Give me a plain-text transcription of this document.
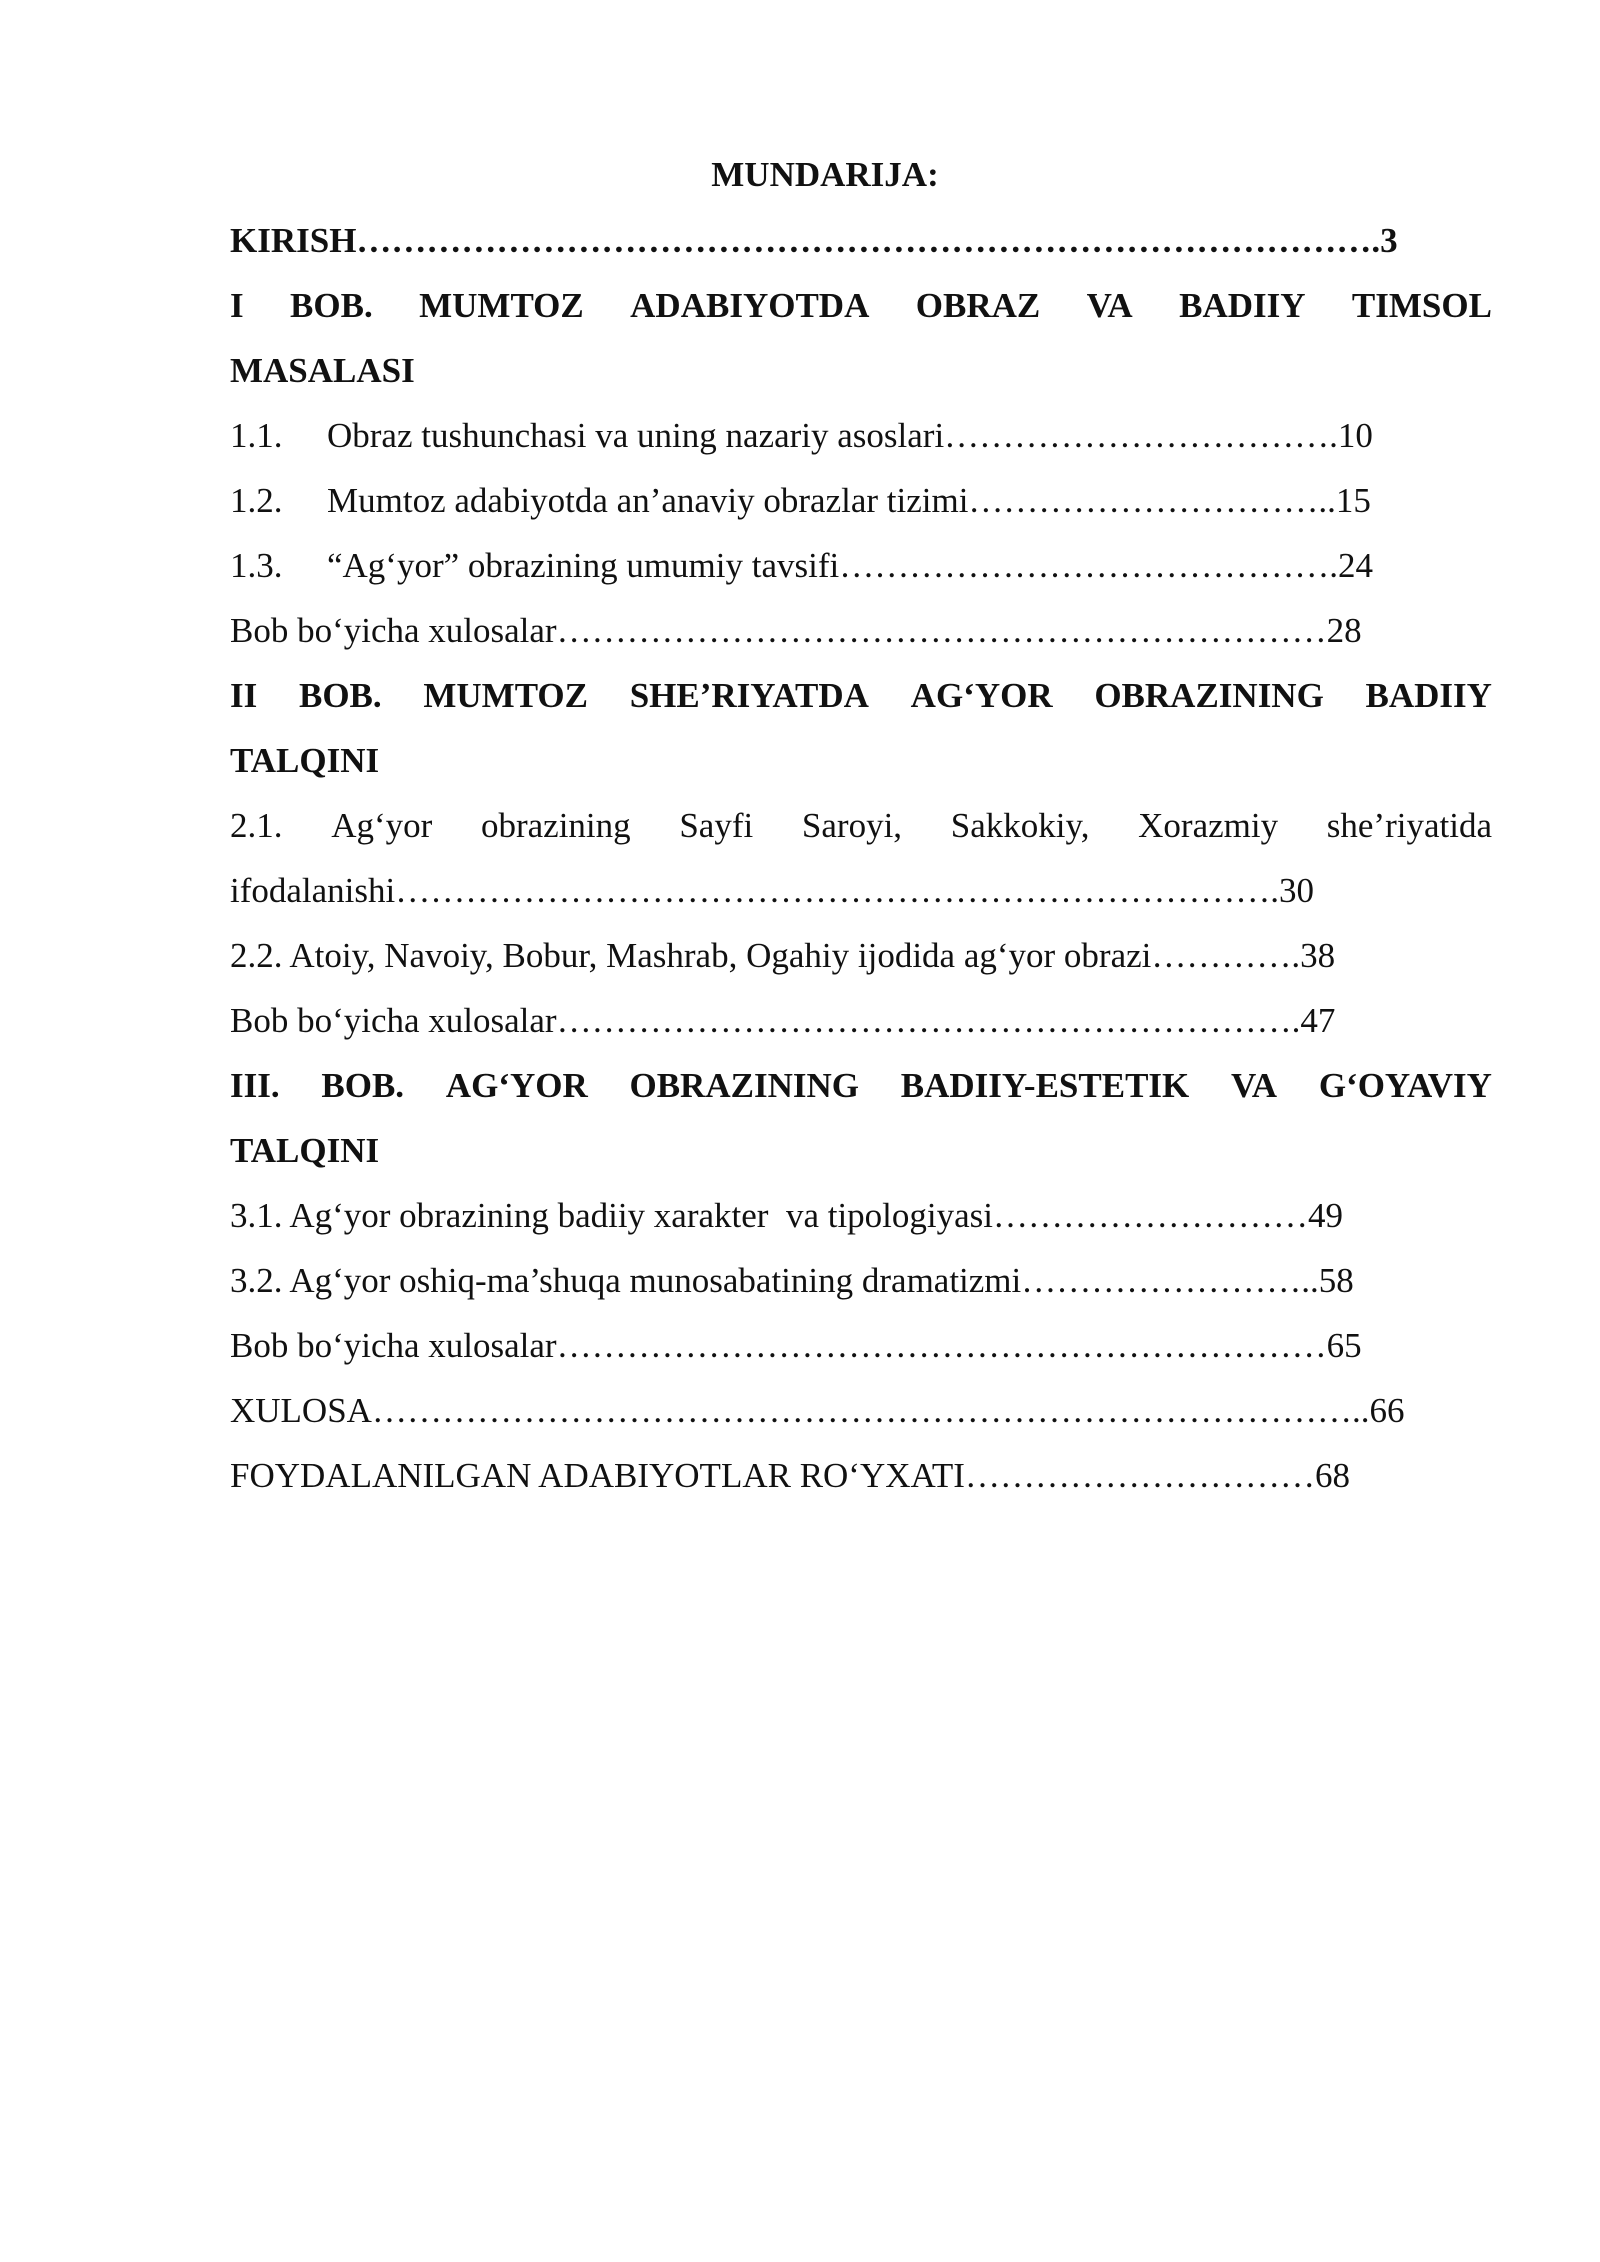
MUNDARIJA:
KIRISH…………………………………………………………………………….3
I BOB. MUMTOZ ADABIYOTDA OBRAZ VA BADIIY TIMSOL
MASALASI
1.1. Obraz tushunchasi va uning nazariy asoslari…………………………….10
1.2. Mumtoz adabiyotda an’anaviy obrazlar tizimi…………………………..15
1.3. “Ag‘yor” obrazining umumiy tavsifi…………………………………….24
Bob bo‘yicha xulosalar…………………………………………………………28
II BOB. MUMTOZ SHE’RIYATDA AG‘YOR OBRAZINING BADIIY
TALQINI
2.1. Ag‘yor obrazining Sayfi Saroyi, Sakkokiy, Xorazmiy she’riyatida
ifodalanishi………………………………………………………………….30
2.2. Atoiy, Navoiy, Bobur, Mashrab, Ogahiy ijodida ag‘yor obrazi………….38
Bob bo‘yicha xulosalar……………………………………………………….47
III. BOB. AG‘YOR OBRAZINING BADIIY-ESTETIK VA G‘OYAVIY
TALQINI
3.1. Ag‘yor obrazining badiiy xarakter  va tipologiyasi………………………49
3.2. Ag‘yor oshiq-ma’shuqa munosabatining dramatizmi……………………..58
Bob bo‘yicha xulosalar…………………………………………………………65
XULOSA…………………………………………………………………………..66
FOYDALANILGAN ADABIYOTLAR RO‘YXATI…………………………68
